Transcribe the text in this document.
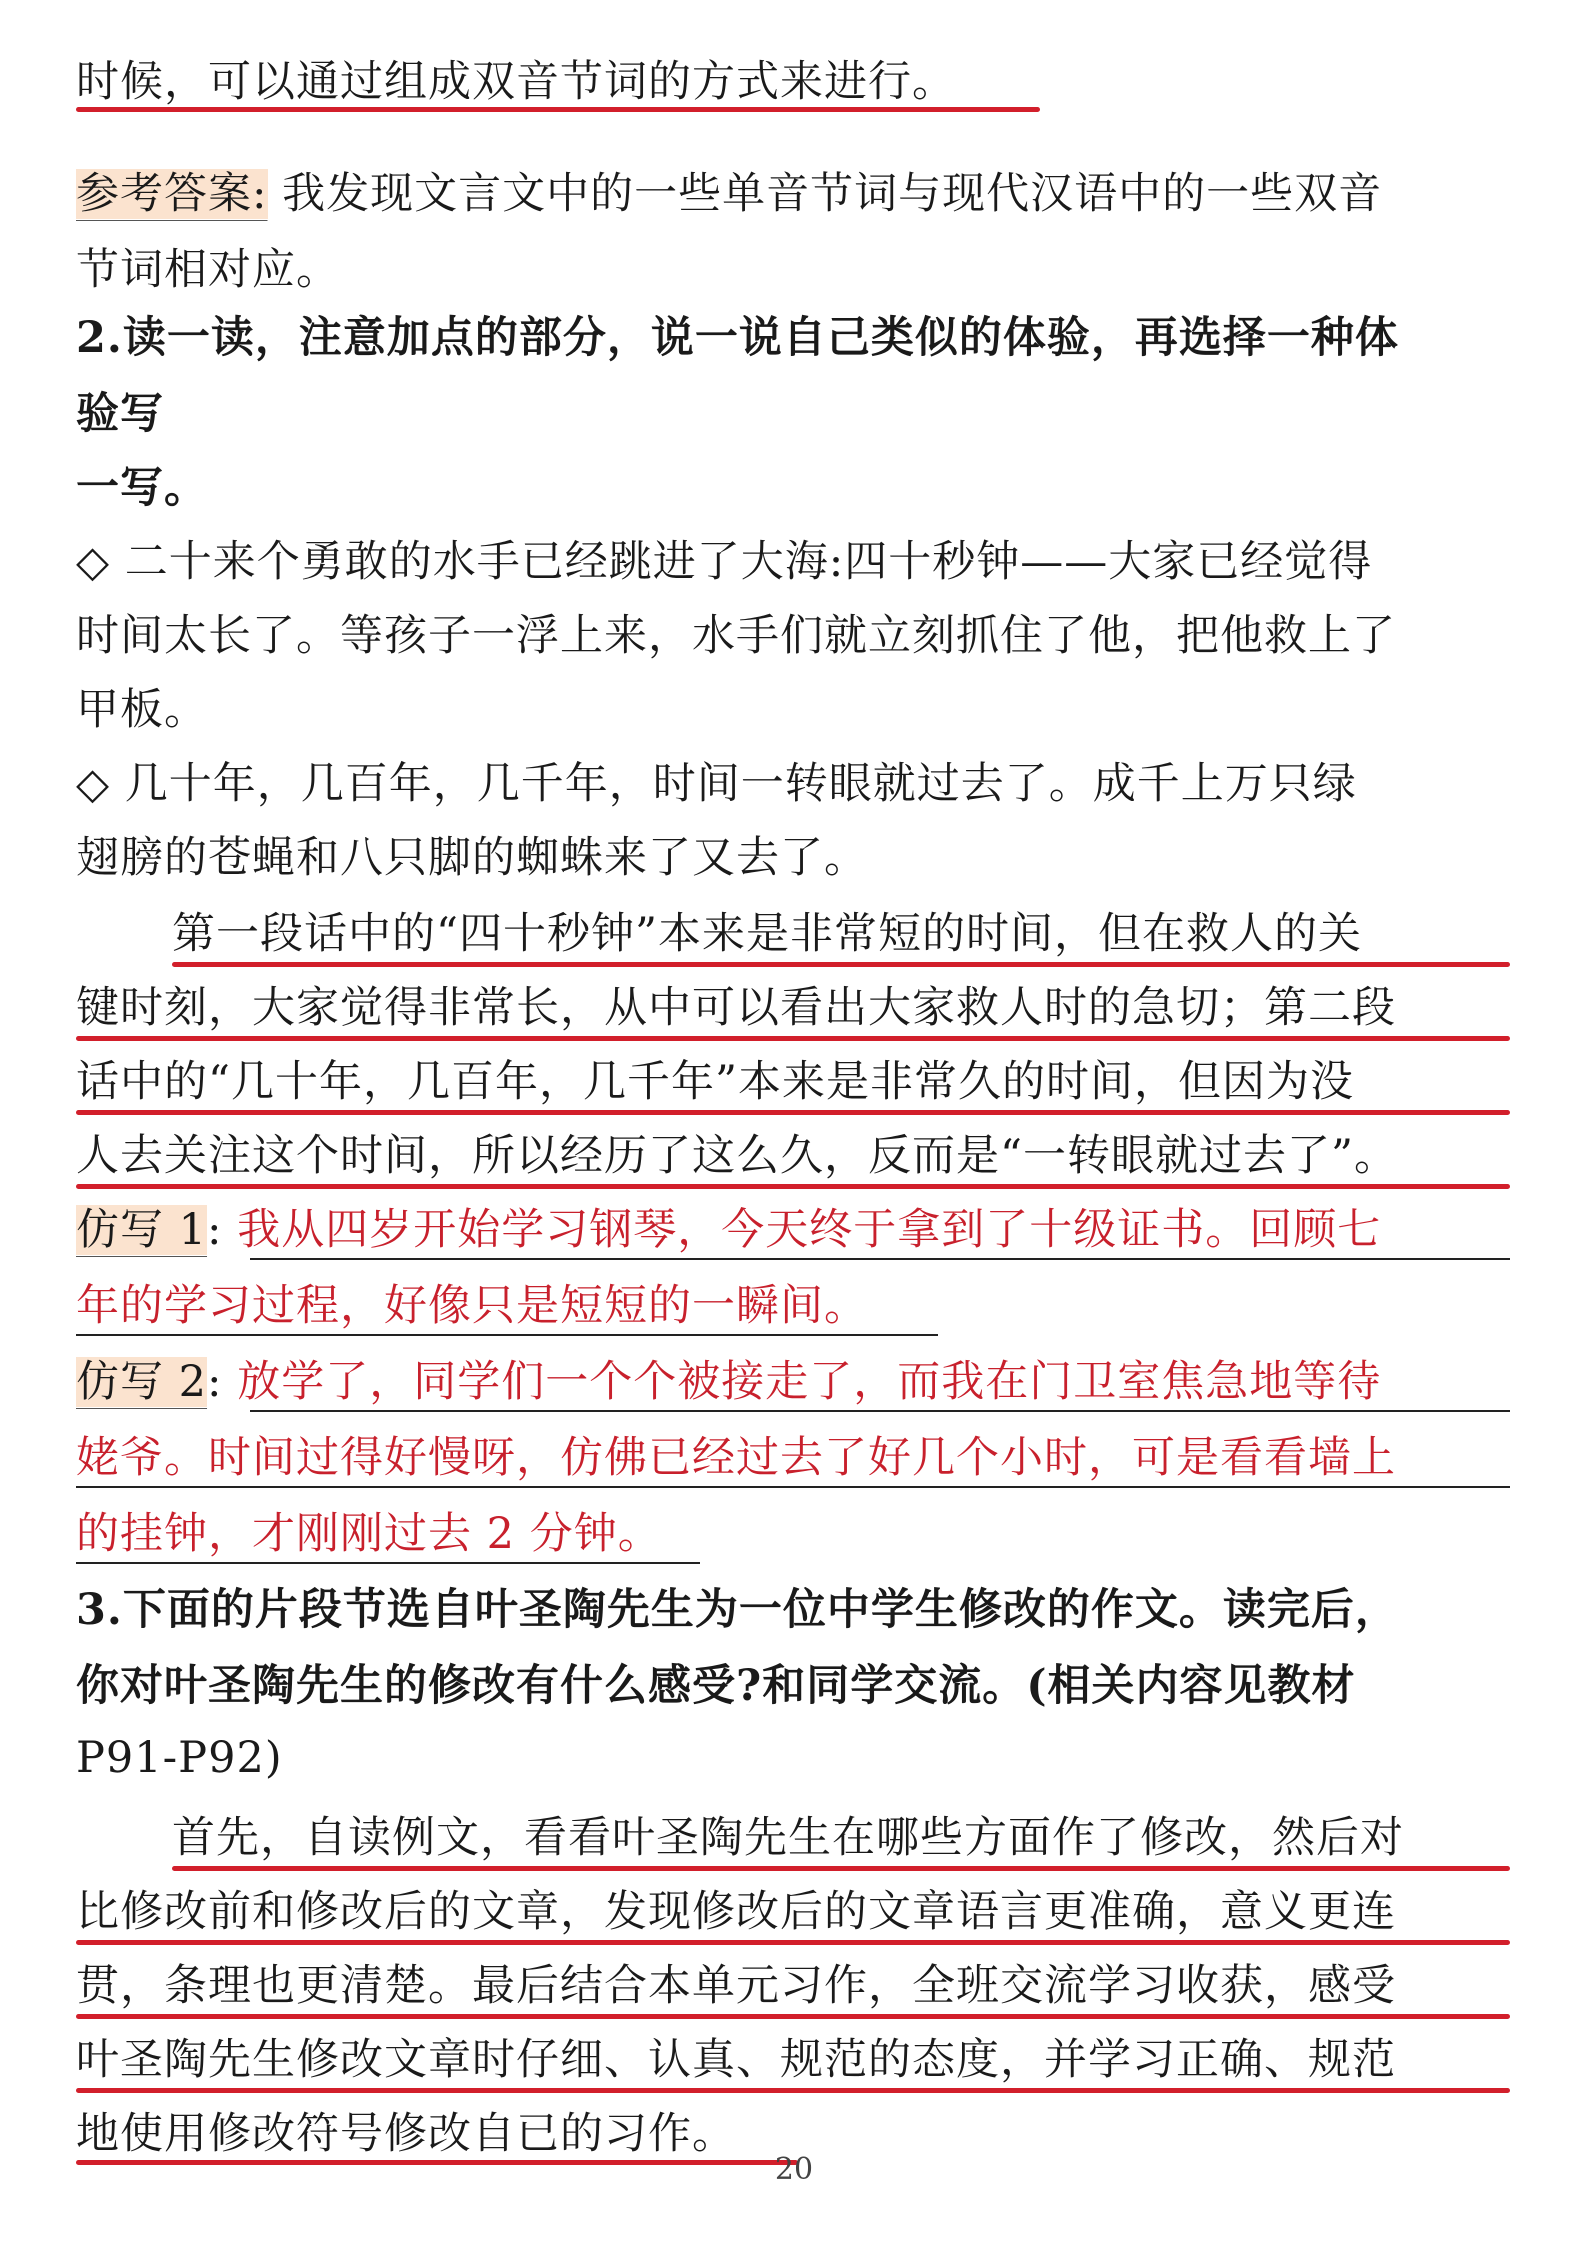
时候，可以通过组成双音节词的方式来进行。
参考答案: 我发现文言文中的一些单音节词与现代汉语中的一些双音
节词相对应。
2.读一读，注意加点的部分，说一说自己类似的体验，再选择一种体
验写
一写。
◇ 二十来个勇敢的水手已经跳进了大海:四十秒钟——大家已经觉得
时间太长了。等孩子一浮上来，水手们就立刻抓住了他，把他救上了
甲板。
◇ 几十年，几百年，几千年，时间一转眼就过去了。成千上万只绿
翅膀的苍蝇和八只脚的蜘蛛来了又去了。
第一段话中的“四十秒钟”本来是非常短的时间，但在救人的关
键时刻，大家觉得非常长，从中可以看出大家救人时的急切；第二段
话中的“几十年，几百年，几千年”本来是非常久的时间，但因为没
人去关注这个时间，所以经历了这么久，反而是“一转眼就过去了”。
仿写 1: 我从四岁开始学习钢琴，今天终于拿到了十级证书。回顾七
年的学习过程，好像只是短短的一瞬间。
仿写 2: 放学了，同学们一个个被接走了，而我在门卫室焦急地等待
姥爷。时间过得好慢呀，仿佛已经过去了好几个小时，可是看看墙上
的挂钟，才刚刚过去 2 分钟。
3.下面的片段节选自叶圣陶先生为一位中学生修改的作文。读完后，
你对叶圣陶先生的修改有什么感受?和同学交流。(相关内容见教材
P91-P92)
首先，自读例文，看看叶圣陶先生在哪些方面作了修改，然后对
比修改前和修改后的文章，发现修改后的文章语言更准确，意义更连
贯，条理也更清楚。最后结合本单元习作，全班交流学习收获，感受
叶圣陶先生修改文章时仔细、认真、规范的态度，并学习正确、规范
地使用修改符号修改自已的习作。
20
